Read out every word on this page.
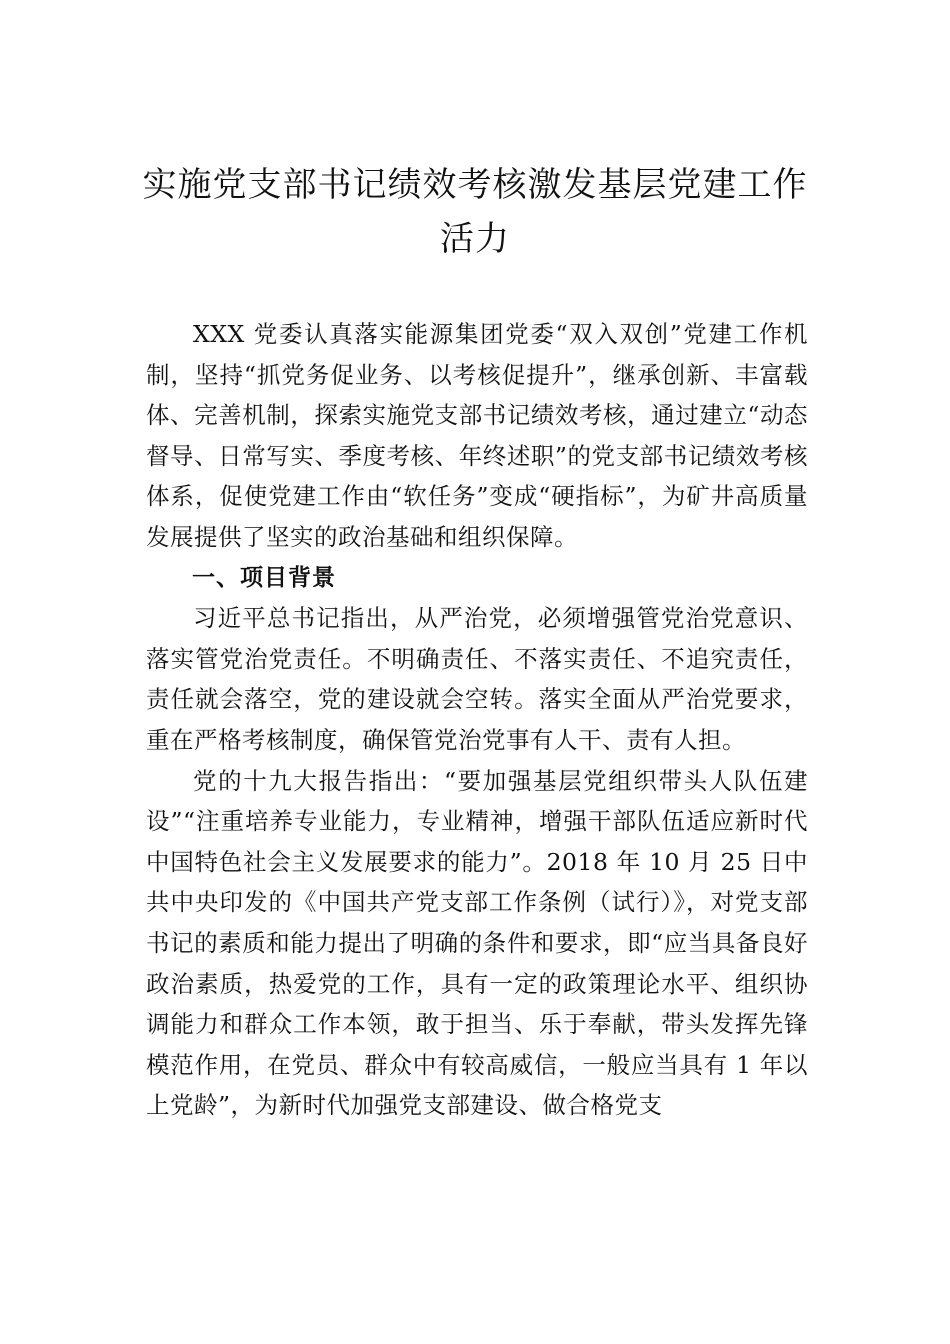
实施党支部书记绩效考核激发基层党建工作活力

XXX 党委认真落实能源集团党委“双入双创”党建工作机制，坚持“抓党务促业务、以考核促提升”，继承创新、丰富载体、完善机制，探索实施党支部书记绩效考核，通过建立“动态督导、日常写实、季度考核、年终述职”的党支部书记绩效考核体系，促使党建工作由“软任务”变成“硬指标”，为矿井高质量发展提供了坚实的政治基础和组织保障。

一、项目背景

习近平总书记指出，从严治党，必须增强管党治党意识、落实管党治党责任。不明确责任、不落实责任、不追究责任，责任就会落空，党的建设就会空转。落实全面从严治党要求，重在严格考核制度，确保管党治党事有人干、责有人担。

党的十九大报告指出：“要加强基层党组织带头人队伍建设”“注重培养专业能力，专业精神，增强干部队伍适应新时代中国特色社会主义发展要求的能力”。2018 年 10 月 25 日中共中央印发的《中国共产党支部工作条例（试行）》，对党支部书记的素质和能力提出了明确的条件和要求，即“应当具备良好政治素质，热爱党的工作，具有一定的政策理论水平、组织协调能力和群众工作本领，敢于担当、乐于奉献，带头发挥先锋模范作用，在党员、群众中有较高威信，一般应当具有 1 年以上党龄”，为新时代加强党支部建设、做合格党支
